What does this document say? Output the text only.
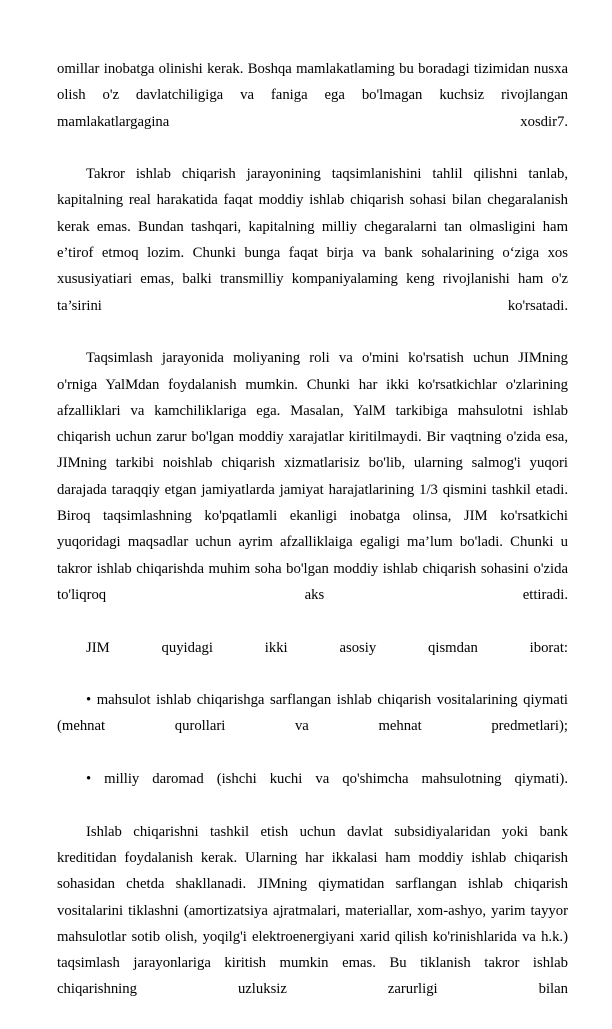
omillar inobatga olinishi kerak. Boshqa mamlakatlaming bu boradagi tizimidan nusxa olish o'z davlatchiligiga va faniga ega bo'lmagan kuchsiz rivojlangan mamlakatlargagina xosdir7.

Takror ishlab chiqarish jarayonining taqsimlanishini tahlil qilishni tanlab, kapitalning real harakatida faqat moddiy ishlab chiqarish sohasi bilan chegaralanish kerak emas. Bundan tashqari, kapitalning milliy chegaralarni tan olmasligini ham e’tirof etmoq lozim. Chunki bunga faqat birja va bank sohalarining o‘ziga xos xususiyatiari emas, balki transmilliy kompaniyalaming keng rivojlanishi ham o'z ta’sirini ko'rsatadi.

Taqsimlash jarayonida moliyaning roli va o'mini ko'rsatish uchun JIMning o'rniga YalMdan foydalanish mumkin. Chunki har ikki ko'rsatkichlar o'zlarining afzalliklari va kamchiliklariga ega. Masalan, YalM tarkibiga mahsulotni ishlab chiqarish uchun zarur bo'lgan moddiy xarajatlar kiritilmaydi. Bir vaqtning o'zida esa, JIMning tarkibi noishlab chiqarish xizmatlarisiz bo'lib, ularning salmog'i yuqori darajada taraqqiy etgan jamiyatlarda jamiyat harajatlarining 1/3 qismini tashkil etadi. Biroq taqsimlashning ko'pqatlamli ekanligi inobatga olinsa, JIM ko'rsatkichi yuqoridagi maqsadlar uchun ayrim afzalliklaiga egaligi ma’lum bo'ladi. Chunki u takror ishlab chiqarishda muhim soha bo'lgan moddiy ishlab chiqarish sohasini o'zida to'liqroq aks ettiradi.

JIM quyidagi ikki asosiy qismdan iborat:

• mahsulot ishlab chiqarishga sarflangan ishlab chiqarish vositalarining qiymati (mehnat qurollari va mehnat predmetlari);

• milliy daromad (ishchi kuchi va qo'shimcha mahsulotning qiymati).

Ishlab chiqarishni tashkil etish uchun davlat subsidiyalaridan yoki bank kreditidan foydalanish kerak. Ularning har ikkalasi ham moddiy ishlab chiqarish sohasidan chetda shakllanadi. JIMning qiymatidan sarflangan ishlab chiqarish vositalarini tiklashni (amortizatsiya ajratmalari, materiallar, xom-ashyo, yarim tayyor mahsulotlar sotib olish, yoqilg'i elektroenergiyani xarid qilish ko'rinishlarida va h.k.) taqsimlash jarayonlariga kiritish mumkin emas. Bu tiklanish takror ishlab chiqarishning uzluksiz zarurligi bilan
